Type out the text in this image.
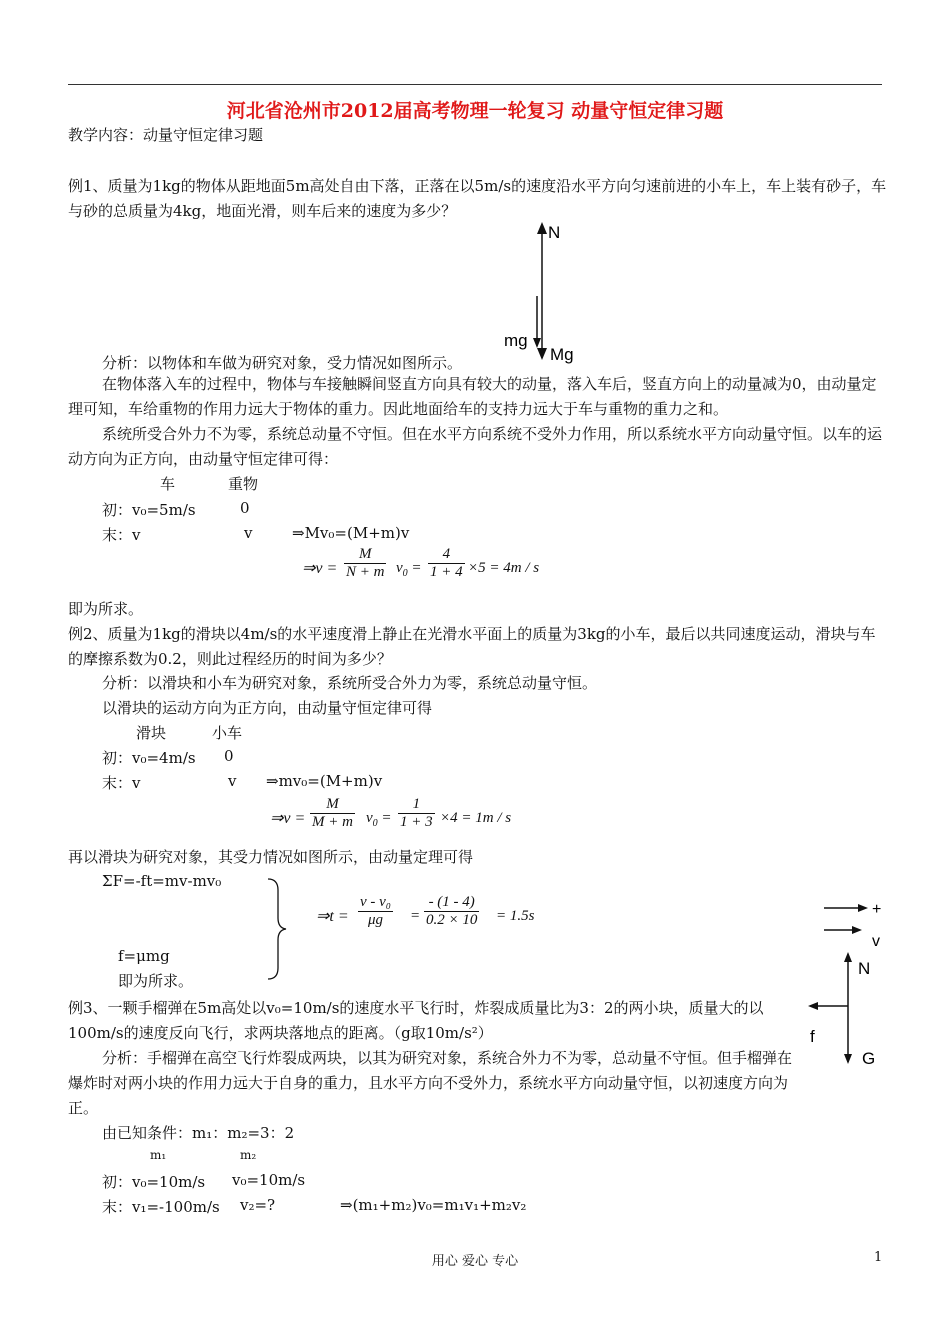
河北省沧州市2012届高考物理一轮复习 动量守恒定律习题
教学内容：动量守恒定律习题
例1、质量为1kg的物体从距地面5m高处自由下落，正落在以5m/s的速度沿水平方向匀速前进的小车上，车上装有砂子，车与砂的总质量为4kg，地面光滑，则车后来的速度为多少？
N
mg
Mg
分析：以物体和车做为研究对象，受力情况如图所示。
在物体落入车的过程中，物体与车接触瞬间竖直方向具有较大的动量，落入车后，竖直方向上的动量减为0，由动量定理可知，车给重物的作用力远大于物体的重力。因此地面给车的支持力远大于车与重物的重力之和。
系统所受合外力不为零，系统总动量不守恒。但在水平方向系统不受外力作用，所以系统水平方向动量守恒。以车的运动方向为正方向，由动量守恒定律可得：
车	重物
初：v₀=5m/s	0
末：v	v	⇒Mv₀=(M+m)v
⇒v = $\frac{M}{N + m} v_0 = \frac{4}{1 + 4} \times 5 = 4m / s$
即为所求。
例2、质量为1kg的滑块以4m/s的水平速度滑上静止在光滑水平面上的质量为3kg的小车，最后以共同速度运动，滑块与车的摩擦系数为0.2，则此过程经历的时间为多少？
分析：以滑块和小车为研究对象，系统所受合外力为零，系统总动量守恒。
以滑块的运动方向为正方向，由动量守恒定律可得
滑块	小车
初：v₀=4m/s 0
末：v	v ⇒mv₀=(M+m)v
⇒v = $\frac{M}{M + m} v_0 = \frac{1}{1 + 3} \times 4 = 1m / s$
再以滑块为研究对象，其受力情况如图所示，由动量定理可得
ΣF=-ft=mv-mv₀
f=μmg
即为所求。
⇒t = $\frac{\text{v - v₀}}{\mu g} = \frac{- (1 - 4)}{0.2 \times 10} = 1.5s$	+
v
N
f
G
例3、一颗手榴弹在5m高处以v₀=10m/s的速度水平飞行时，炸裂成质量比为3：2的两小块，质量大的以100m/s的速度反向飞行，求两块落地点的距离。（g取10m/s²）
分析：手榴弹在高空飞行炸裂成两块，以其为研究对象，系统合外力不为零，总动量不守恒。但手榴弹在爆炸时对两小块的作用力远大于自身的重力，且水平方向不受外力，系统水平方向动量守恒，以初速度方向为正。
由已知条件：m₁：m₂=3：2
m₁	m₂
初：v₀=10m/s v₀=10m/s
末：v₁=-100m/s v₂=?	⇒(m₁+m₂)v₀=m₁v₁+m₂v₂
用心 爱心 专心	1
